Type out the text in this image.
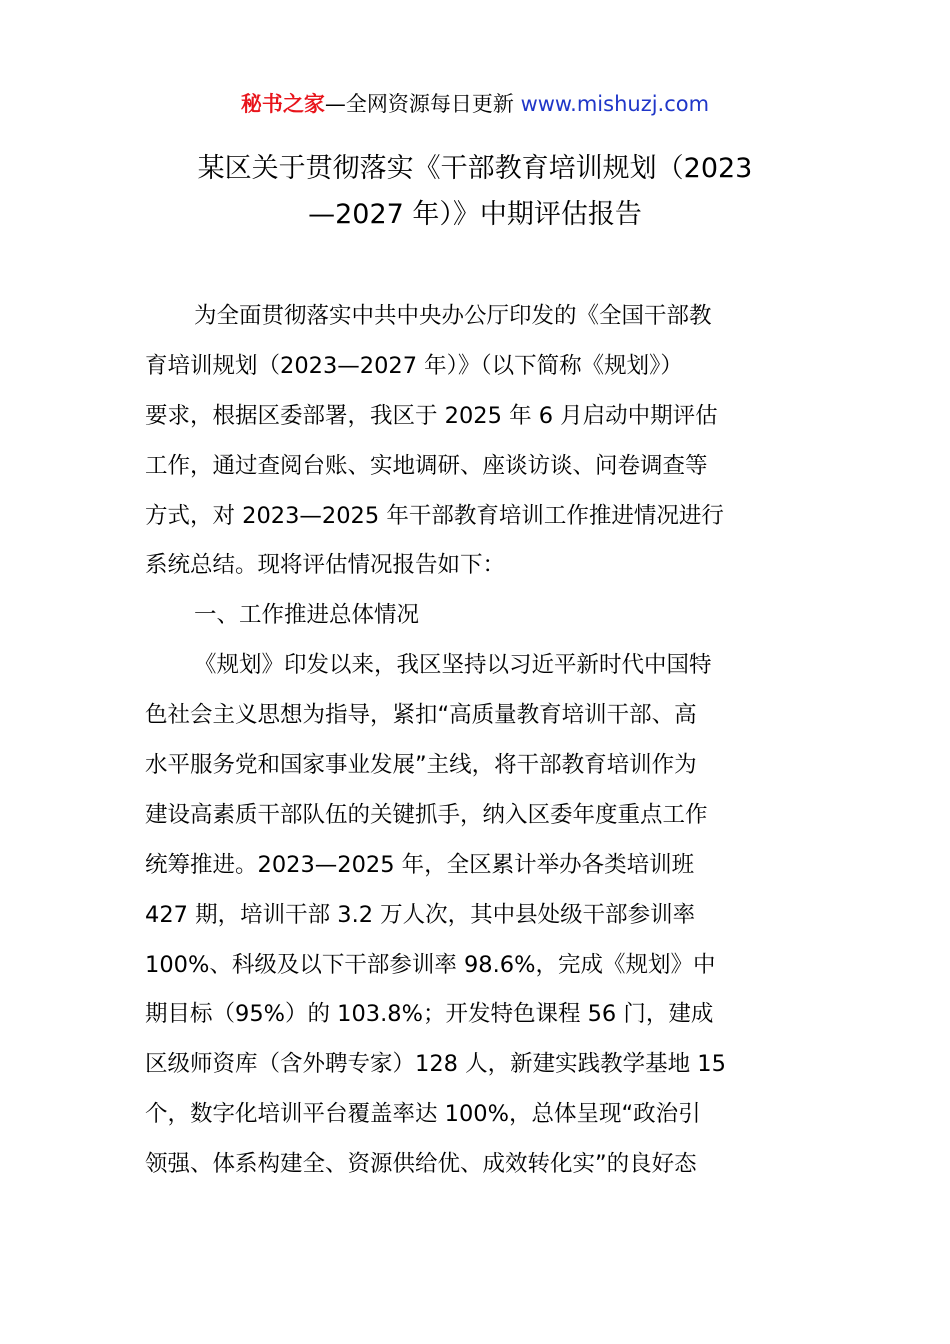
秘书之家—全网资源每日更新 www.mishuzj.com
某区关于贯彻落实《干部教育培训规划（2023
—2027 年）》中期评估报告
为全面贯彻落实中共中央办公厅印发的《全国干部教
育培训规划（2023—2027 年）》（以下简称《规划》）
要求，根据区委部署，我区于 2025 年 6 月启动中期评估
工作，通过查阅台账、实地调研、座谈访谈、问卷调查等
方式，对 2023—2025 年干部教育培训工作推进情况进行
系统总结。现将评估情况报告如下：
一、工作推进总体情况
《规划》印发以来，我区坚持以习近平新时代中国特
色社会主义思想为指导，紧扣“高质量教育培训干部、高
水平服务党和国家事业发展”主线，将干部教育培训作为
建设高素质干部队伍的关键抓手，纳入区委年度重点工作
统筹推进。2023—2025 年，全区累计举办各类培训班
427 期，培训干部 3.2 万人次，其中县处级干部参训率
100%、科级及以下干部参训率 98.6%，完成《规划》中
期目标（95%）的 103.8%；开发特色课程 56 门，建成
区级师资库（含外聘专家）128 人，新建实践教学基地 15
个，数字化培训平台覆盖率达 100%，总体呈现“政治引
领强、体系构建全、资源供给优、成效转化实”的良好态
